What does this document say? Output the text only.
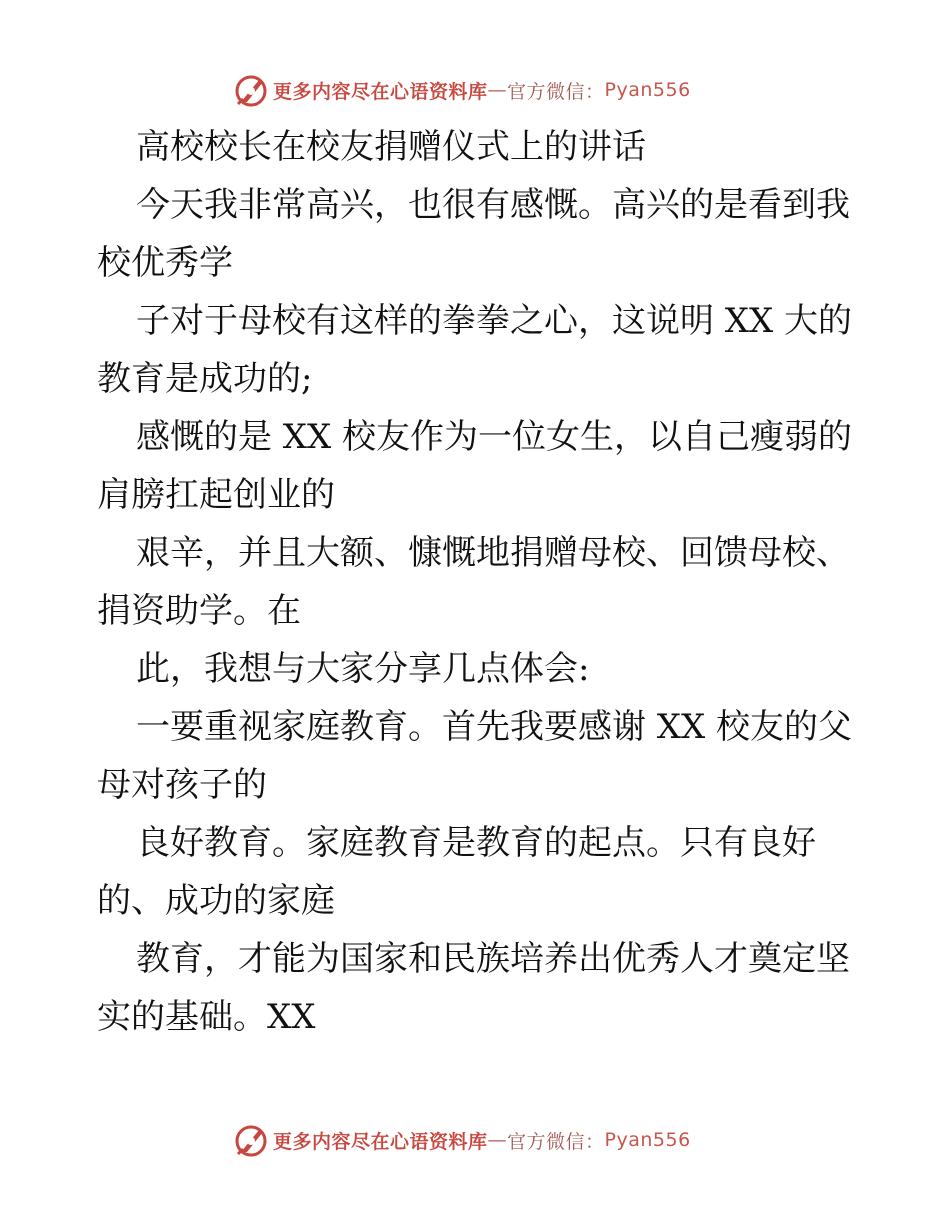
更多内容尽在心语资料库 — 官方微信： Pyan556
高校校长在校友捐赠仪式上的讲话
今天我非常高兴，也很有感慨。高兴的是看到我
校优秀学
子对于母校有这样的拳拳之心，这说明 XX 大的
教育是成功的;
感慨的是 XX 校友作为一位女生，以自己瘦弱的
肩膀扛起创业的
艰辛，并且大额、慷慨地捐赠母校、回馈母校、
捐资助学。在
此，我想与大家分享几点体会:
一要重视家庭教育。首先我要感谢 XX 校友的父
母对孩子的
良好教育。家庭教育是教育的起点。只有良好
的、成功的家庭
教育，才能为国家和民族培养出优秀人才奠定坚
实的基础。XX
更多内容尽在心语资料库 — 官方微信： Pyan556
